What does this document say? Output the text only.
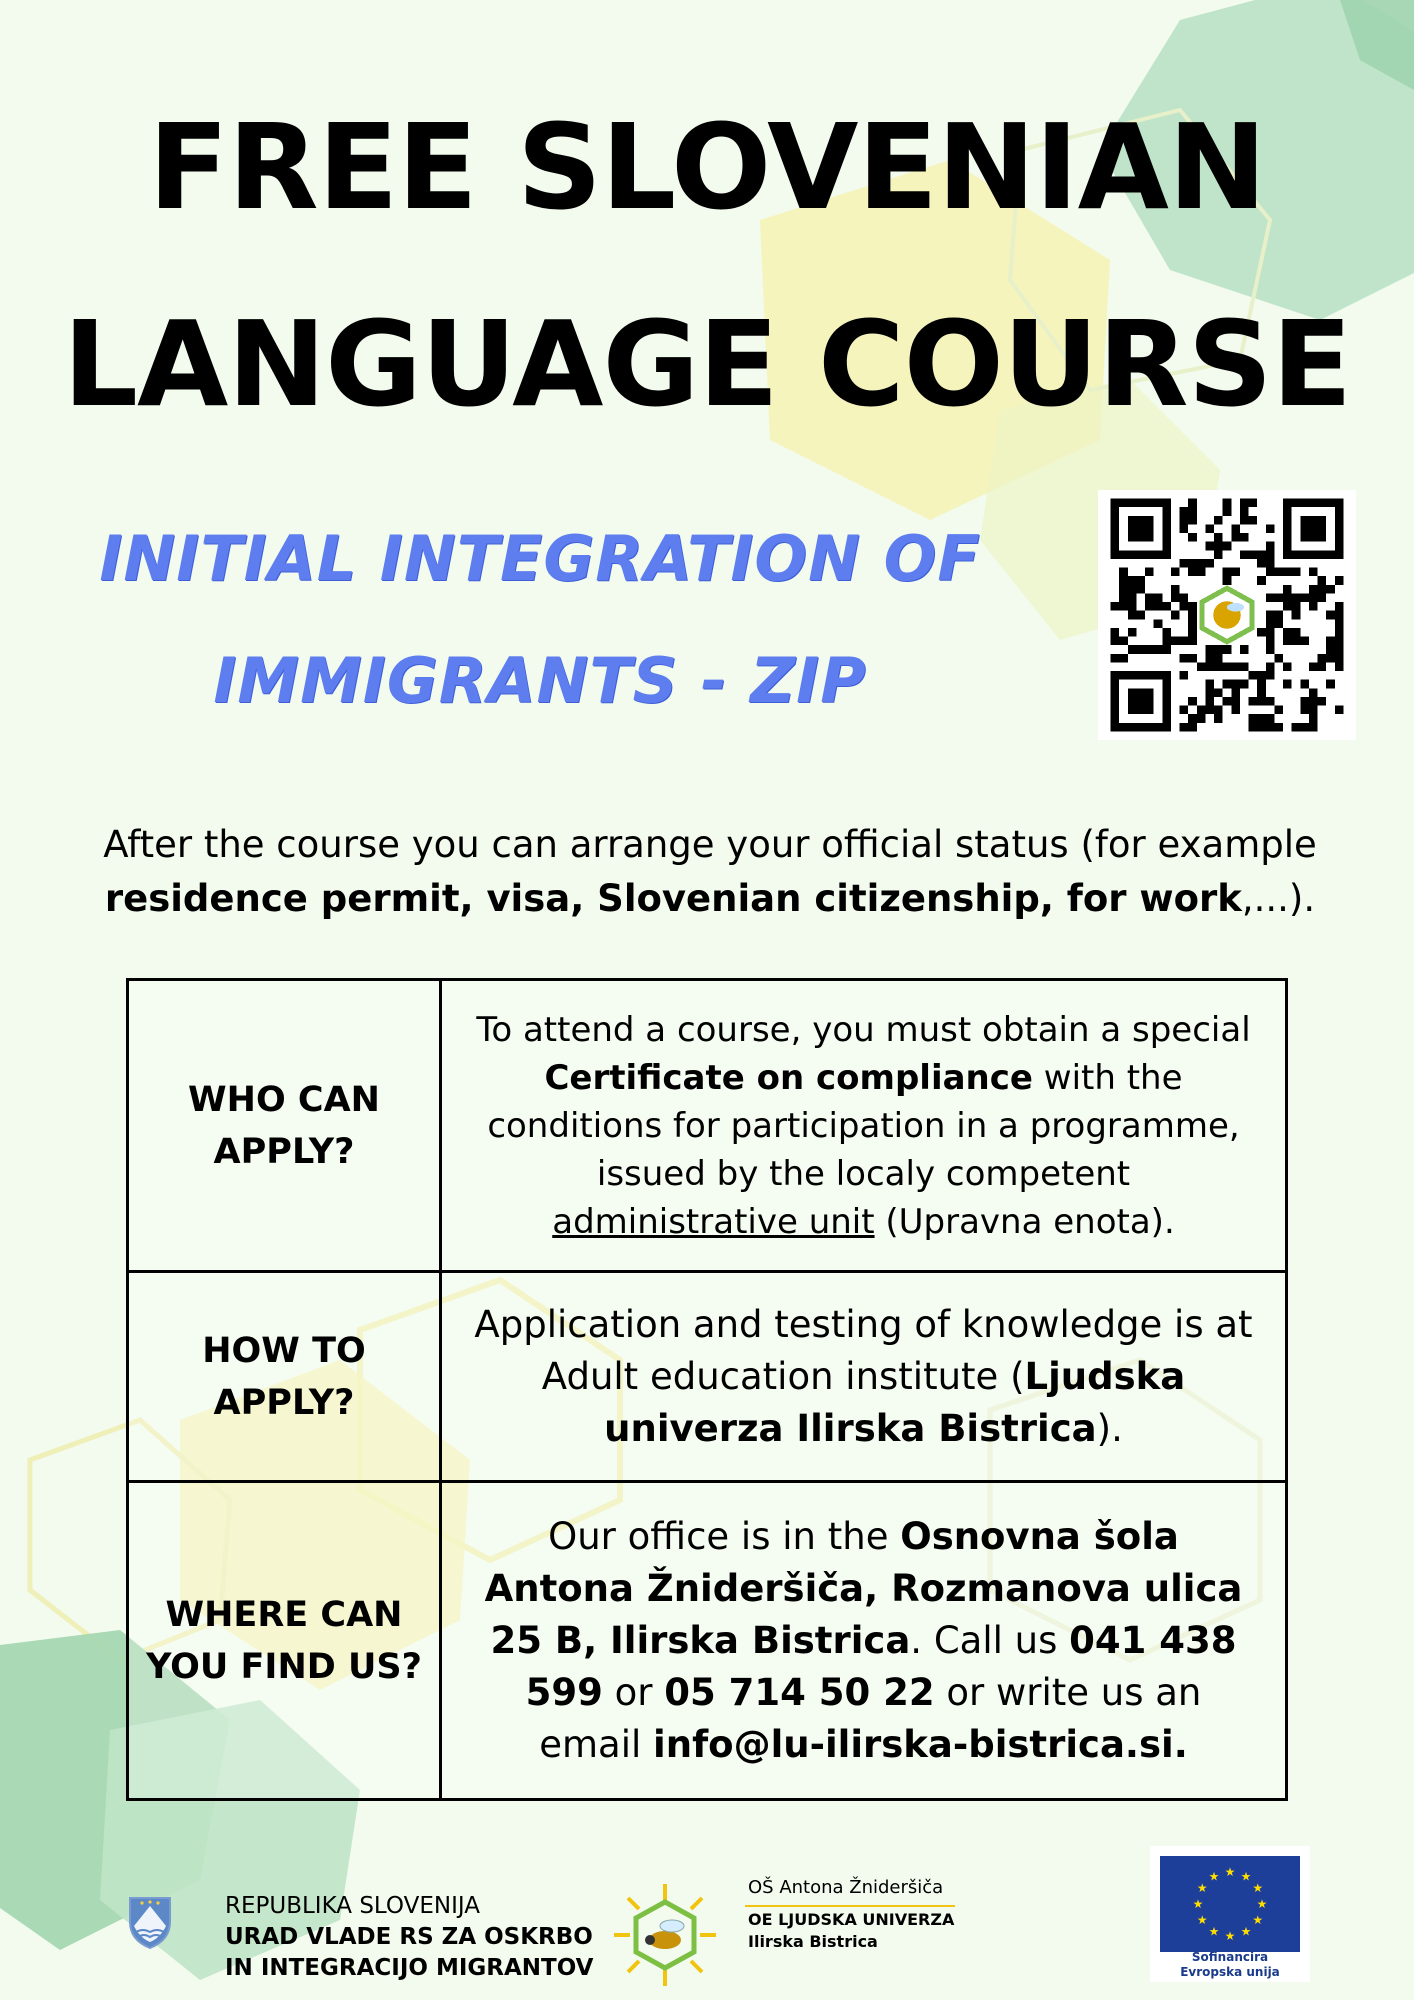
FREE SLOVENIAN
LANGUAGE COURSE
INITIAL INTEGRATION OF
IMMIGRANTS - ZIP
After the course you can arrange your official status (for example
residence permit, visa, Slovenian citizenship, for work,...).
WHO CAN
APPLY?	To attend a course, you must obtain a special Certificate on compliance with the conditions for participation in a programme, issued by the localy competent administrative unit (Upravna enota).
HOW TO
APPLY?	Application and testing of knowledge is at Adult education institute (Ljudska univerza Ilirska Bistrica).
WHERE CAN
YOU FIND US?	Our office is in the Osnovna šola Antona Žnideršiča, Rozmanova ulica 25 B, Ilirska Bistrica. Call us 041 438 599 or 05 714 50 22 or write us an email info@lu-ilirska-bistrica.si.
REPUBLIKA SLOVENIJA
URAD VLADE RS ZA OSKRBO
IN INTEGRACIJO MIGRANTOV
OŠ Antona Žnideršiča
OE LJUDSKA UNIVERZA
Ilirska Bistrica
★ ★
★
★
★
★
★
★
★
★
★
★
Sofinancira
Evropska unija
